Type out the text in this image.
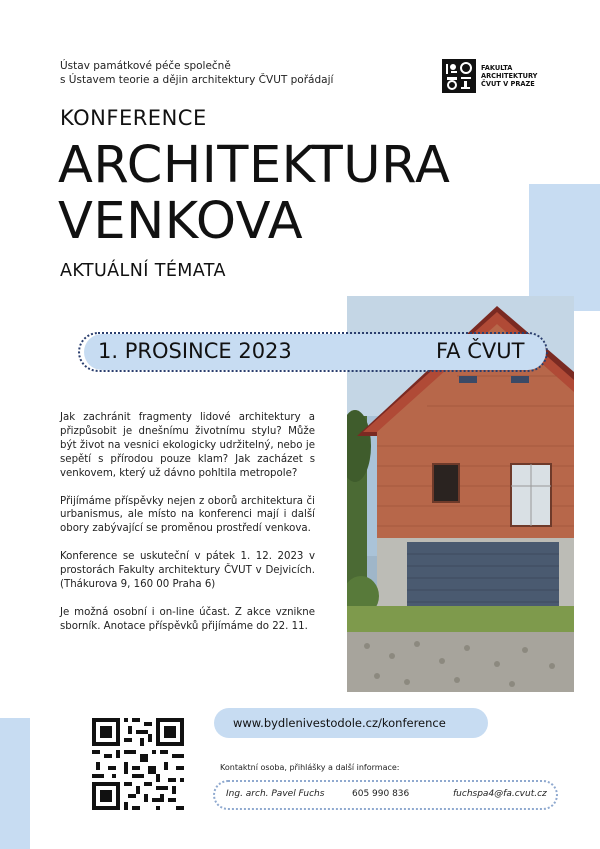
Ústav památkové péče společně
s Ústavem teorie a dějin architektury ČVUT pořádají
FAKULTA
ARCHITEKTURY
ČVUT V PRAZE
KONFERENCE
ARCHITEKTURA
VENKOVA
AKTUÁLNÍ TÉMATA
1. PROSINCE 2023	FA ČVUT

Jak zachránit fragmenty lidové architektury a přizpůsobit je dnešnímu životnímu stylu? Může být život na vesnici ekologicky udržitelný, nebo je sepětí s přírodou pouze klam? Jak zacházet s venkovem, který už dávno pohltila metropole?

Přijímáme příspěvky nejen z oborů architektura či urbanismus, ale místo na konferenci mají i další obory zabývající se proměnou prostředí venkova.

Konference se uskuteční v pátek 1. 12. 2023 v prostorách Fakulty architektury ČVUT v Dejvicích. (Thákurova 9, 160 00 Praha 6)

Je možná osobní i on-line účast. Z akce vznikne sborník. Anotace příspěvků přijímáme do 22. 11.

www.bydlenivestodole.cz/konference
Kontaktní osoba, přihlášky a další informace:
Ing. arch. Pavel Fuchs	605 990 836	fuchspa4@fa.cvut.cz
